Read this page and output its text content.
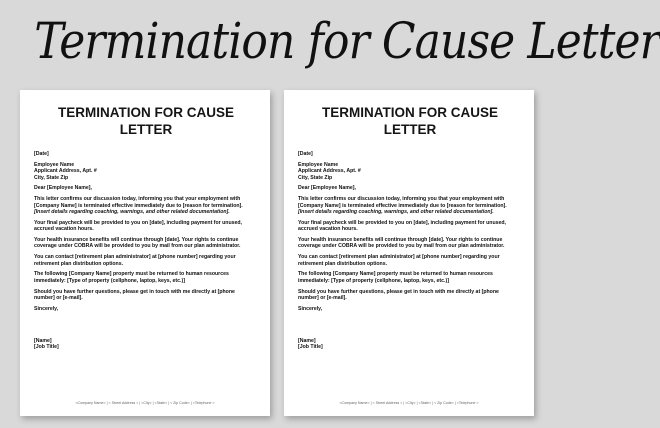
Termination for Cause Letter
TERMINATION FOR CAUSE
LETTER
[Date]
Employee Name
Applicant Address, Apt. #
City, State Zip
Dear [Employee Name],
This letter confirms our discussion today, informing you that your employment with
[Company Name] is terminated effective immediately due to [reason for termination].
[Insert details regarding coaching, warnings, and other related documentation].
Your final paycheck will be provided to you on [date], including payment for unused,
accrued vacation hours.
Your health insurance benefits will continue through [date]. Your rights to continue
coverage under COBRA will be provided to you by mail from our plan administrator.
You can contact [retirement plan administrator] at [phone number] regarding your
retirement plan distribution options.
The following [Company Name] property must be returned to human resources
immediately: [Type of property (cellphone, laptop, keys, etc.)]
Should you have further questions, please get in touch with me directly at [phone
number] or [e-mail].
Sincerely,
[Name]
[Job Title]
<Company Name> | < Street Address > | <City> | <State> | < Zip Code> | <Telephone >
TERMINATION FOR CAUSE
LETTER
[Date]
Employee Name
Applicant Address, Apt. #
City, State Zip
Dear [Employee Name],
This letter confirms our discussion today, informing you that your employment with
[Company Name] is terminated effective immediately due to [reason for termination].
[Insert details regarding coaching, warnings, and other related documentation].
Your final paycheck will be provided to you on [date], including payment for unused,
accrued vacation hours.
Your health insurance benefits will continue through [date]. Your rights to continue
coverage under COBRA will be provided to you by mail from our plan administrator.
You can contact [retirement plan administrator] at [phone number] regarding your
retirement plan distribution options.
The following [Company Name] property must be returned to human resources
immediately: [Type of property (cellphone, laptop, keys, etc.)]
Should you have further questions, please get in touch with me directly at [phone
number] or [e-mail].
Sincerely,
[Name]
[Job Title]
<Company Name> | < Street Address > | <City> | <State> | < Zip Code> | <Telephone >
